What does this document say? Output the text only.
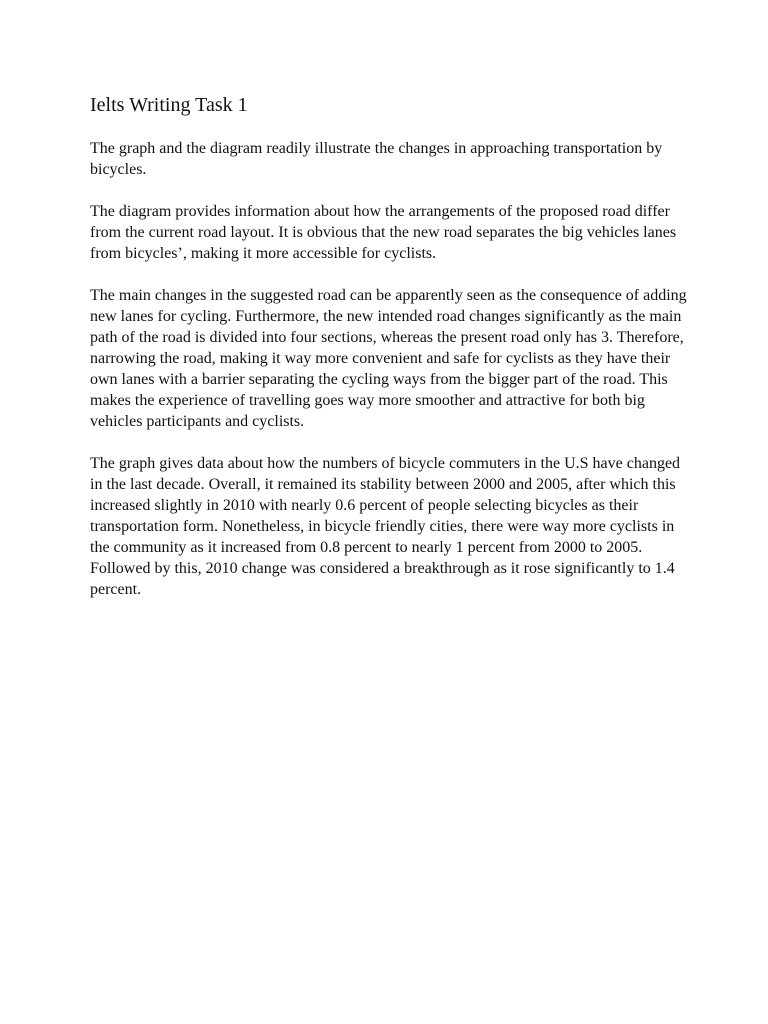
Ielts Writing Task 1

The graph and the diagram readily illustrate the changes in approaching transportation by bicycles.

The diagram provides information about how the arrangements of the proposed road differ from the current road layout. It is obvious that the new road separates the big vehicles lanes from bicycles’, making it more accessible for cyclists.

The main changes in the suggested road can be apparently seen as the consequence of adding new lanes for cycling. Furthermore, the new intended road changes significantly as the main path of the road is divided into four sections, whereas the present road only has 3. Therefore, narrowing the road, making it way more convenient and safe for cyclists as they have their own lanes with a barrier separating the cycling ways from the bigger part of the road. This makes the experience of travelling goes way more smoother and attractive for both big vehicles participants and cyclists.

The graph gives data about how the numbers of bicycle commuters in the U.S have changed in the last decade. Overall, it remained its stability between 2000 and 2005, after which this increased slightly in 2010 with nearly 0.6 percent of people selecting bicycles as their transportation form. Nonetheless, in bicycle friendly cities, there were way more cyclists in the community as it increased from 0.8 percent to nearly 1 percent from 2000 to 2005. Followed by this, 2010 change was considered a breakthrough as it rose significantly to 1.4 percent.
